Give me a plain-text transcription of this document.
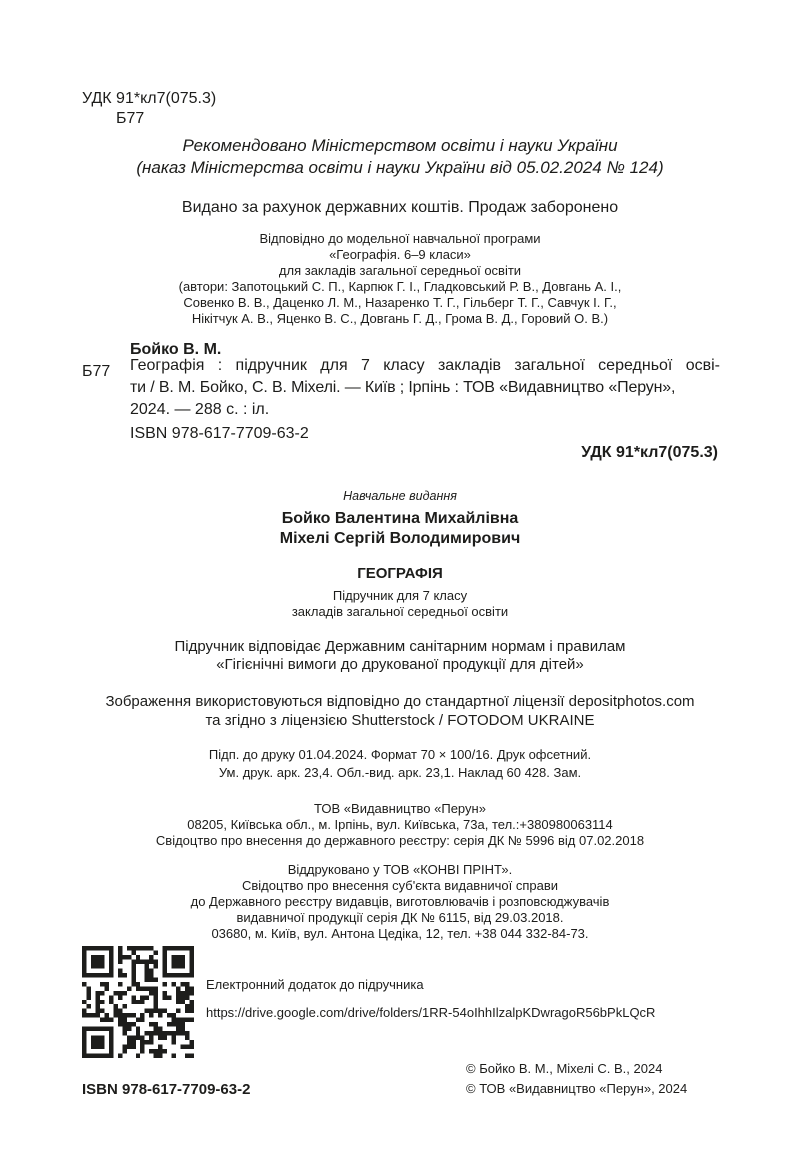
УДК 91*кл7(075.3)
Б77
Рекомендовано Міністерством освіти і науки України
(наказ Міністерства освіти і науки України від 05.02.2024 № 124)
Видано за рахунок державних коштів. Продаж заборонено
Відповідно до модельної навчальної програми
«Географія. 6–9 класи»
для закладів загальної середньої освіти
(автори: Запотоцький С. П., Карпюк Г. І., Гладковський Р. В., Довгань А. І.,
Совенко В. В., Даценко Л. М., Назаренко Т. Г., Гільберг Т. Г., Савчук І. Г.,
Нікітчук А. В., Яценко В. С., Довгань Г. Д., Грома В. Д., Горовий О. В.)
Бойко В. М.
Б77 Географія : підручник для 7 класу закладів загальної середньої осві-
ти / В. М. Бойко, С. В. Міхелі. — Київ ; Ірпінь : ТОВ «Видавництво «Перун»,
2024. — 288 с. : іл.
ISBN 978-617-7709-63-2
УДК 91*кл7(075.3)
Навчальне видання
Бойко Валентина Михайлівна
Міхелі Сергій Володимирович
ГЕОГРАФІЯ
Підручник для 7 класу
закладів загальної середньої освіти
Підручник відповідає Державним санітарним нормам і правилам
«Гігієнічні вимоги до друкованої продукції для дітей»
Зображення використовуються відповідно до стандартної ліцензії depositphotos.com
та згідно з ліцензією Shutterstock / FOTODOM UKRAINE
Підп. до друку 01.04.2024. Формат 70 × 100/16. Друк офсетний.
Ум. друк. арк. 23,4. Обл.-вид. арк. 23,1. Наклад 60 428. Зам.
ТОВ «Видавництво «Перун»
08205, Київська обл., м. Ірпінь, вул. Київська, 73а, тел.:+380980063114
Свідоцтво про внесення до державного реєстру: серія ДК № 5996 від 07.02.2018
Віддруковано у ТОВ «КОНВІ ПРІНТ».
Свідоцтво про внесення суб'єкта видавничої справи
до Державного реєстру видавців, виготовлювачів і розповсюджувачів
видавничої продукції серія ДК № 6115, від 29.03.2018.
03680, м. Київ, вул. Антона Цедіка, 12, тел. +38 044 332-84-73.
Електронний додаток до підручника
https://drive.google.com/drive/folders/1RR-54oIhhIlzalpKDwragoR56bPkLQcR
ISBN 978-617-7709-63-2
© Бойко В. М., Міхелі С. В., 2024
© ТОВ «Видавництво «Перун», 2024
